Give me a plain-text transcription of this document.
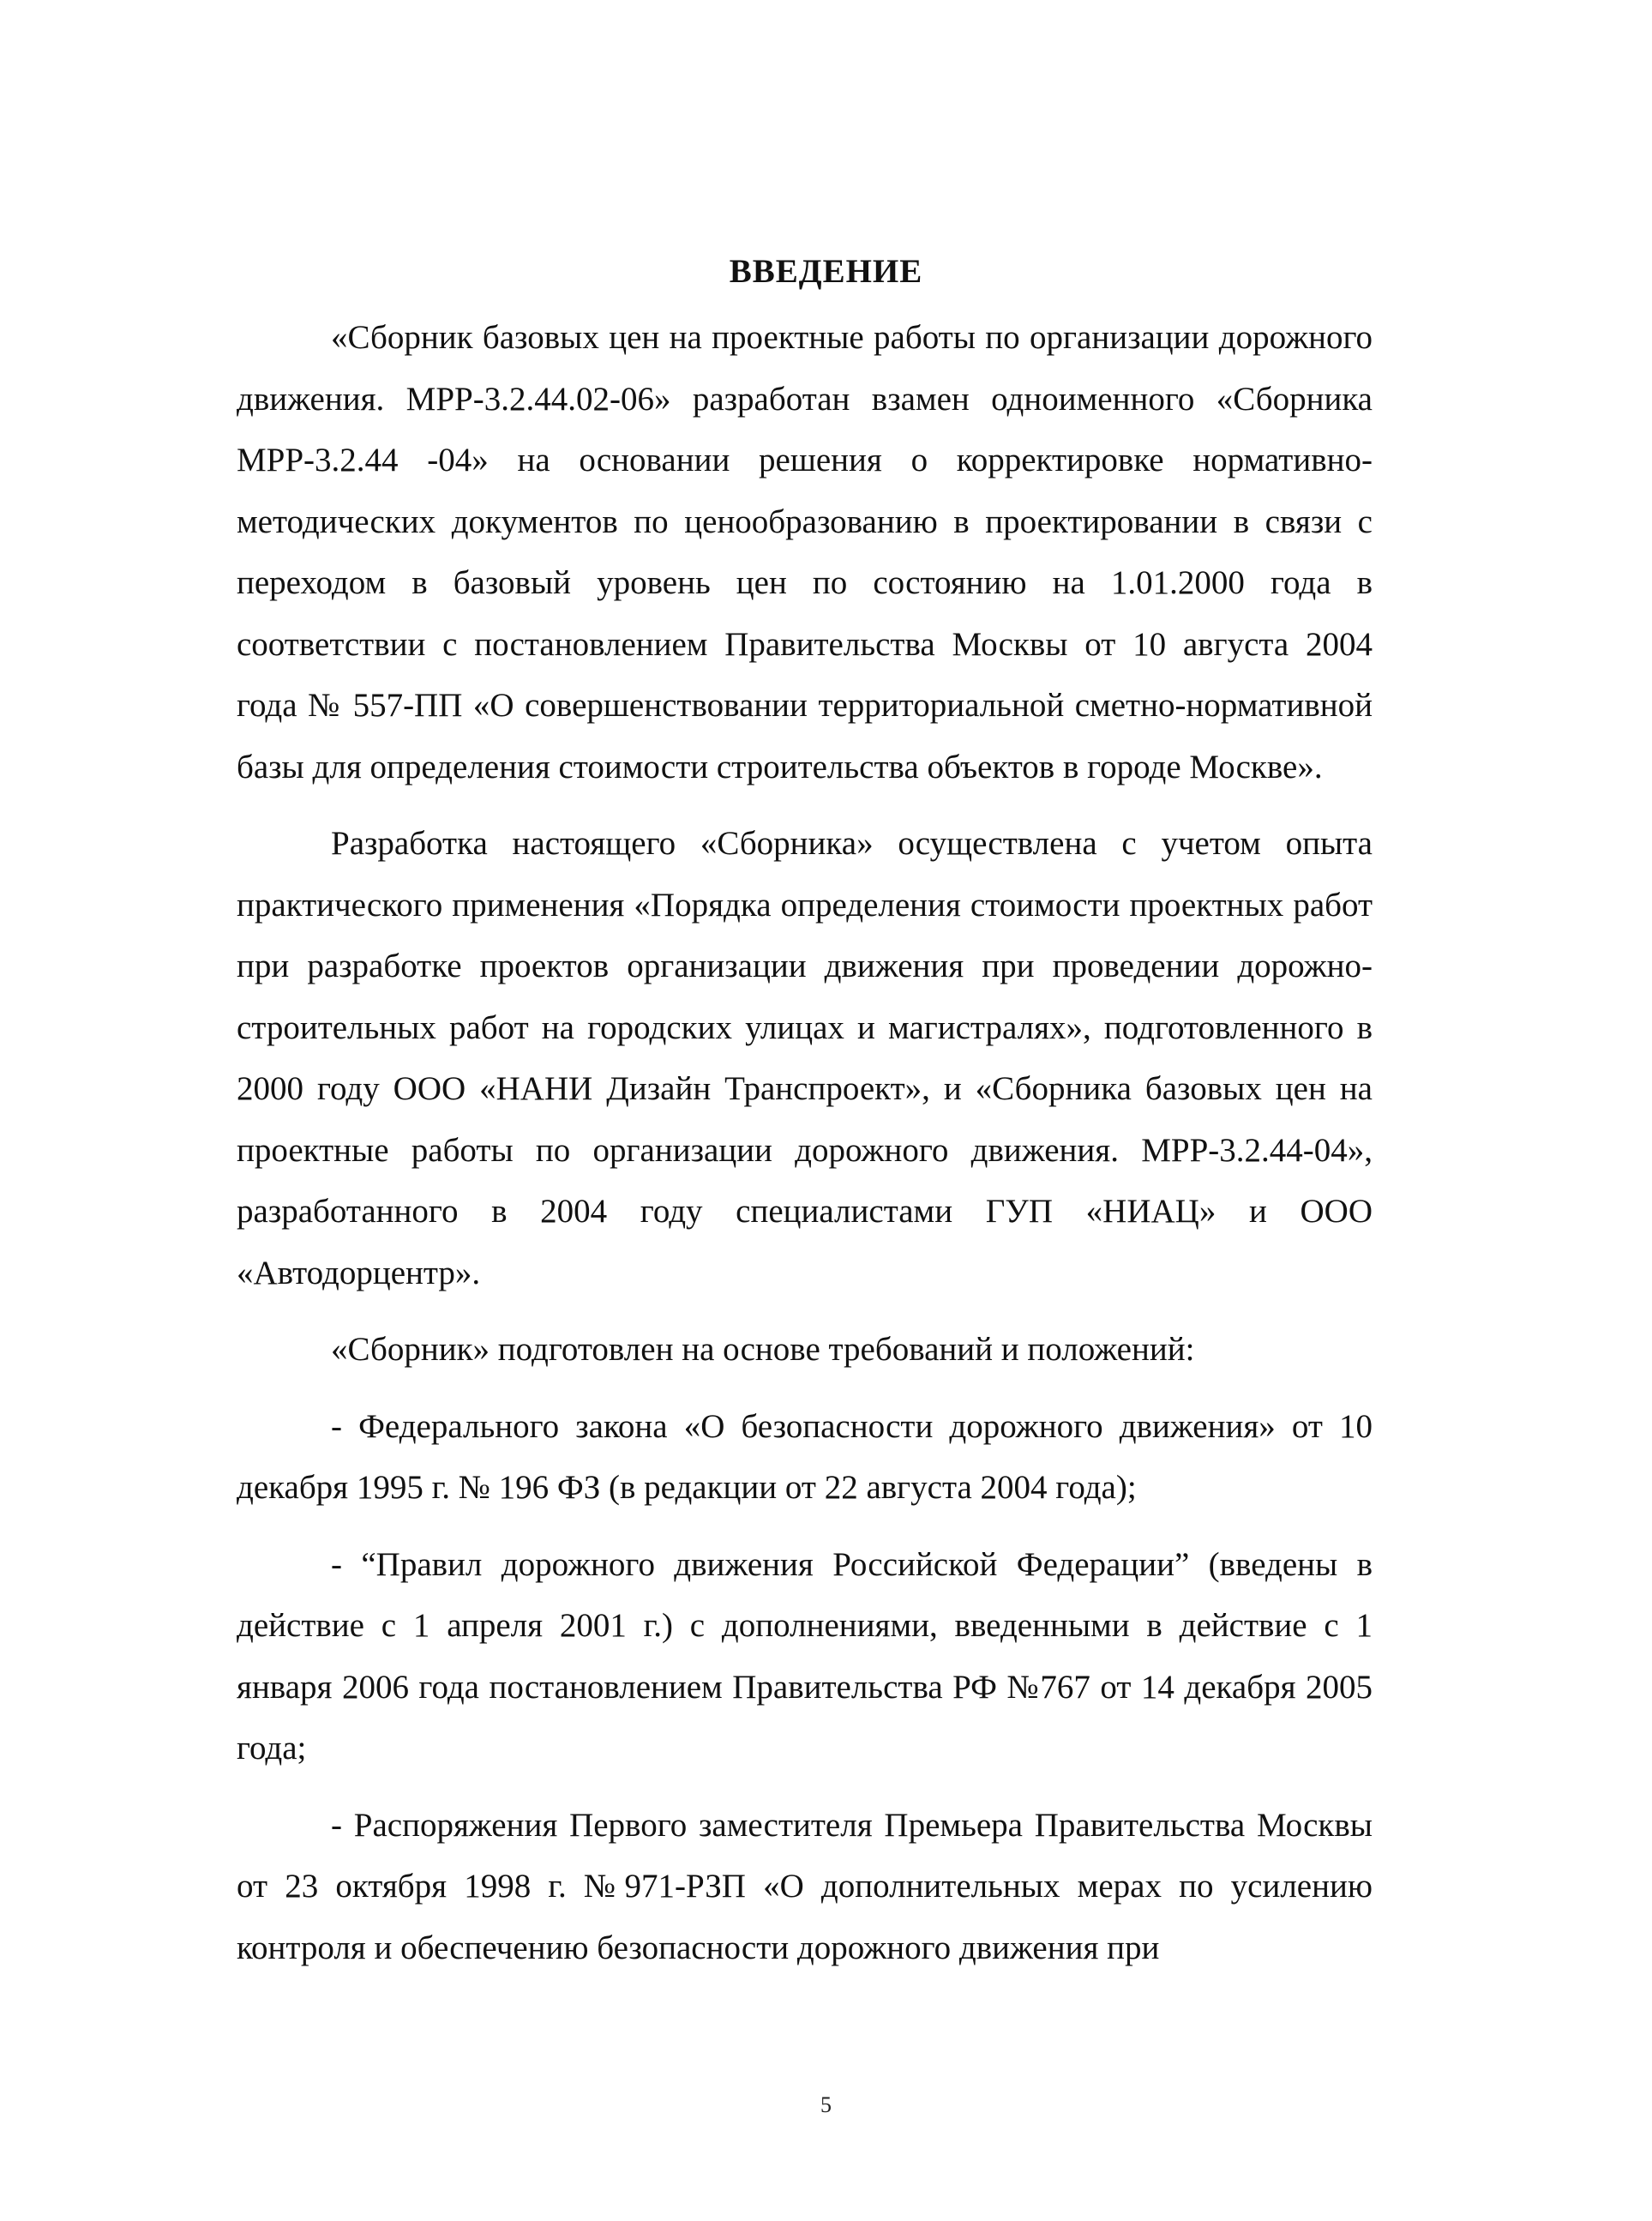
ВВЕДЕНИЕ

«Сборник базовых цен на проектные работы по организации дорожного движения. МРР-3.2.44.02-06» разработан взамен одноименного «Сборника МРР-3.2.44 -04» на основании решения о корректировке нормативно-методических документов по ценообразованию в проектировании в связи с переходом в базовый уровень цен по состоянию на 1.01.2000 года в соответствии с постановлением Правительства Москвы от 10 августа 2004 года № 557-ПП «О совершенствовании территориальной сметно-нормативной базы для определения стоимости строительства объектов в городе Москве».

Разработка настоящего «Сборника» осуществлена с учетом опыта практического применения «Порядка определения стоимости проектных работ при разработке проектов организации движения при проведении дорожно-строительных работ на городских улицах и магистралях», подготовленного в 2000 году ООО «НАНИ Дизайн Транспроект», и «Сборника базовых цен на проектные работы по организации дорожного движения. МРР-3.2.44-04», разработанного в 2004 году специалистами ГУП «НИАЦ» и ООО «Автодорцентр».

«Сборник» подготовлен на основе требований и положений:

- Федерального закона «О безопасности дорожного движения» от 10 декабря 1995 г. № 196 ФЗ (в редакции от 22 августа 2004 года);

- “Правил дорожного движения Российской Федерации” (введены в действие с 1 апреля 2001 г.) с дополнениями, введенными в действие с 1 января 2006 года постановлением Правительства РФ №767 от 14 декабря 2005 года;

- Распоряжения Первого заместителя Премьера Правительства Москвы от 23 октября 1998 г. №971-РЗП «О дополнительных мерах по усилению контроля и обеспечению безопасности дорожного движения при

5
